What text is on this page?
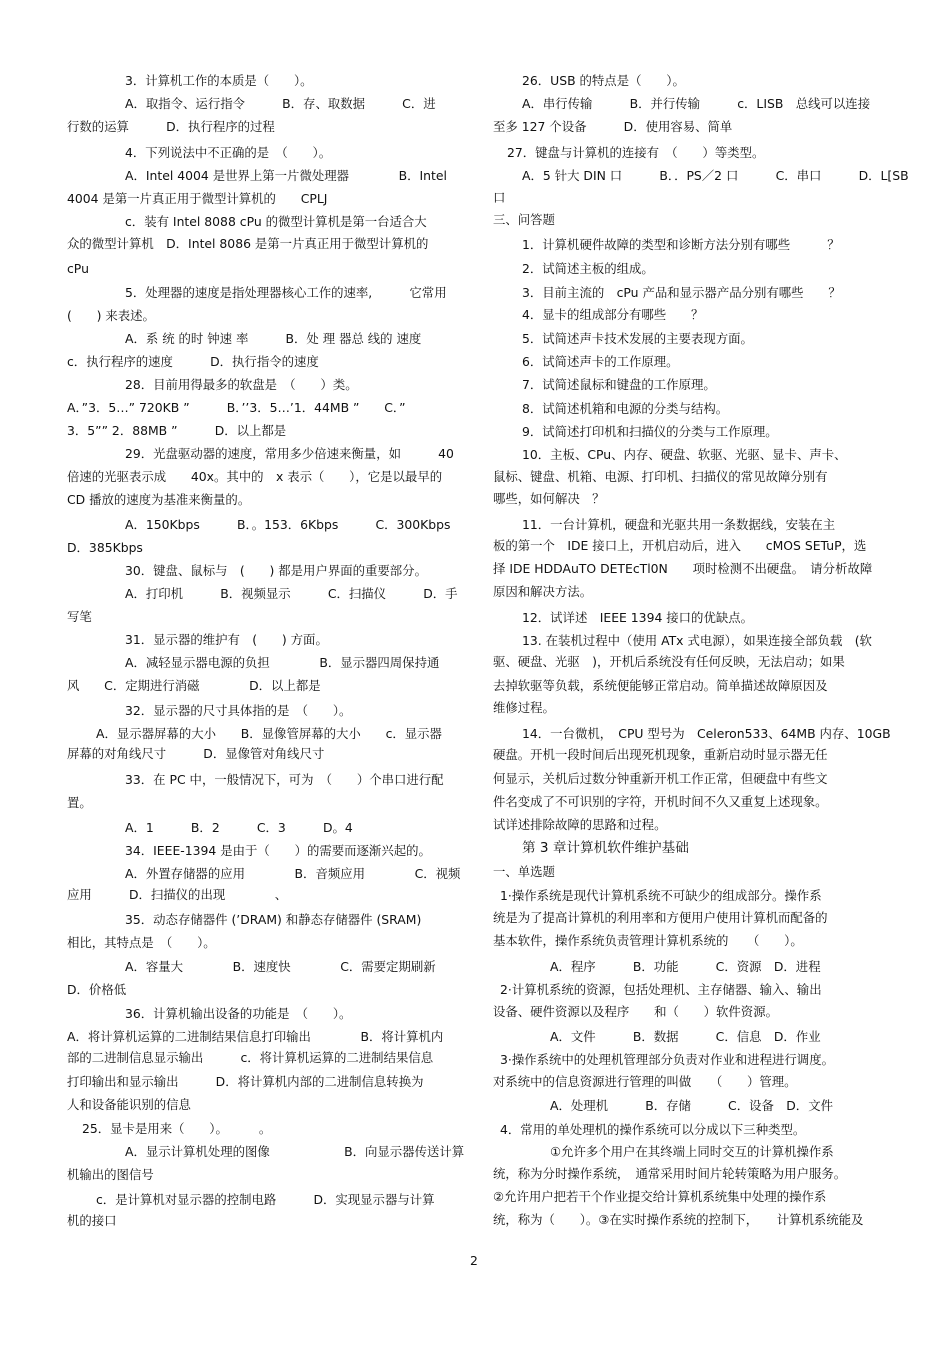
3．计算机工作的本质是（　　）。
A．取指令、运行指令　　　B．存、取数据　　　C．进
行数的运算　　　D．执行程序的过程
4．下列说法中不正确的是　（　　）。
A．Intel 4004 是世界上第一片微处理器　　　　B．Intel
4004 是第一片真正用于微型计算机的　　CPLJ
c．装有 Intel 8088 cPu 的微型计算机是第一台适合大
众的微型计算机　D．Intel 8086 是第一片真正用于微型计算机的
cPu
5．处理器的速度是指处理器核心工作的速率,　　　它常用
(　　) 来表述。
A．系 统 的时 钟速 率　　　B．处 理 器总 线的 速度
c．执行程序的速度　　　D．执行指令的速度
28．目前用得最多的软盘是　（　　）类。
A．”3．5…” 720KB ”　　　B．’’3．5…’1．44MB ”　　C．”
3．5”” 2．88MB ”　　　D．以上都是
29．光盘驱动器的速度，常用多少倍速来衡量，如　　　40
倍速的光驱表示成　　40x。其中的　x 表示（　　），它是以最早的
CD 播放的速度为基准来衡量的。
A．150Kbps　　　B．。153．6Kbps　　　C．300Kbps
D．385Kbps
30．键盘、鼠标与　(　　) 都是用户界面的重要部分。
A．打印机　　　B．视频显示　　　C．扫描仪　　　D．手
写笔
31．显示器的维护有　(　　) 方面。
A．减轻显示器电源的负担　　　　B．显示器四周保持通
风　　C．定期进行消磁　　　　D．以上都是
32．显示器的尺寸具体指的是　（　　）。
A．显示器屏幕的大小　　B．显像管屏幕的大小　　c．显示器
屏幕的对角线尺寸　　　D．显像管对角线尺寸
33．在 PC 中，一般情况下，可为　（　　）个串口进行配
置。
A．1　　　B．2　　　C．3　　　D。4
34．IEEE-1394 是由于（　　）的需要而逐渐兴起的。
A．外置存储器的应用　　　　B．音频应用　　　　C．视频
应用　　　D．扫描仪的出现　　　　、
35．动态存储器件 (’DRAM) 和静态存储器件 (SRAM)
相比，其特点是　（　　）。
A．容量大　　　　B．速度快　　　　C．需要定期刷新
D．价格低
36．计算机输出设备的功能是　（　　）。
A．将计算机运算的二进制结果信息打印输出　　　　B．将计算机内
部的二进制信息显示输出　　　c．将计算机运算的二进制结果信息
打印输出和显示输出　　　D．将计算机内部的二进制信息转换为
人和设备能识别的信息
25．显卡是用来（　　）。　　　。
A．显示计算机处理的图像　　　　　　B．向显示器传送计算
机输出的图信号
c．是计算机对显示器的控制电路　　　D．实现显示器与计算
机的接口
26．USB 的特点是（　　）。
A．串行传输　　　B．并行传输　　　c．LISB　总线可以连接
至多 127 个设备　　　D．使用容易、简单
27．键盘与计算机的连接有　（　　）等类型。
A．5 针大 DIN 口　　　B．．PS／2 口　　　C．串口　　　D．L[SB
口
三、问答题
1．计算机硬件故障的类型和诊断方法分别有哪些　　　？
2．试简述主板的组成。
3．目前主流的　cPu 产品和显示器产品分别有哪些　　？
4．显卡的组成部分有哪些　　？
5．试简述声卡技术发展的主要表现方面。
6．试简述声卡的工作原理。
7．试简述鼠标和键盘的工作原理。
8．试简述机箱和电源的分类与结构。
9．试简述打印机和扫描仪的分类与工作原理。
10．主板、CPu、内存、硬盘、软驱、光驱、显卡、声卡、
鼠标、键盘、机箱、电源、打印机、扫描仪的常见故障分别有
哪些，如何解决　？
11．一台计算机，硬盘和光驱共用一条数据线，安装在主
板的第一个　IDE 接口上，开机启动后，进入　　cMOS SETuP，选
择 IDE HDDAuTO DETEcTl0N　　项时检测不出硬盘。　请分析故障
原因和解决方法。
12．试详述　IEEE 1394 接口的优缺点。
13. 在装机过程中（使用 ATx 式电源），如果连接全部负载　(软
驱、硬盘、光驱　)，开机后系统没有任何反映，无法启动；如果
去掉软驱等负载，系统便能够正常启动。简单描述故障原因及
维修过程。
14．一台微机，　CPU 型号为　Celeron533、64MB 内存、10GB
硬盘。开机一段时间后出现死机现象，重新启动时显示器无任
何显示，关机后过数分钟重新开机工作正常，但硬盘中有些文
件名变成了不可识别的字符，开机时间不久又重复上述现象。
试详述排除故障的思路和过程。
第 3 章计算机软件维护基础
一、单选题
1·操作系统是现代计算机系统不可缺少的组成部分。操作系
统是为了提高计算机的利用率和方便用户使用计算机而配备的
基本软件，操作系统负责管理计算机系统的　　（　　）。
A．程序　　　B．功能　　　C．资源　D．进程
2·计算机系统的资源，包括处理机、主存储器、输入、输出
设备、硬件资源以及程序　　和（　　）软件资源。
A．文件　　　B．数据　　　C．信息　D．作业
3·操作系统中的处理机管理部分负责对作业和进程进行调度。
对系统中的信息资源进行管理的叫做　　（　　）管理。
A．处理机　　　B．存储　　　C．设备　D．文件
4．常用的单处理机的操作系统可以分成以下三种类型。
①允许多个用户在其终端上同时交互的计算机操作系
统，称为分时操作系统，　通常采用时间片轮转策略为用户服务。
②允许用户把若干个作业提交给计算机系统集中处理的操作系
统，称为（　　）。③在实时操作系统的控制下，　　计算机系统能及
2
